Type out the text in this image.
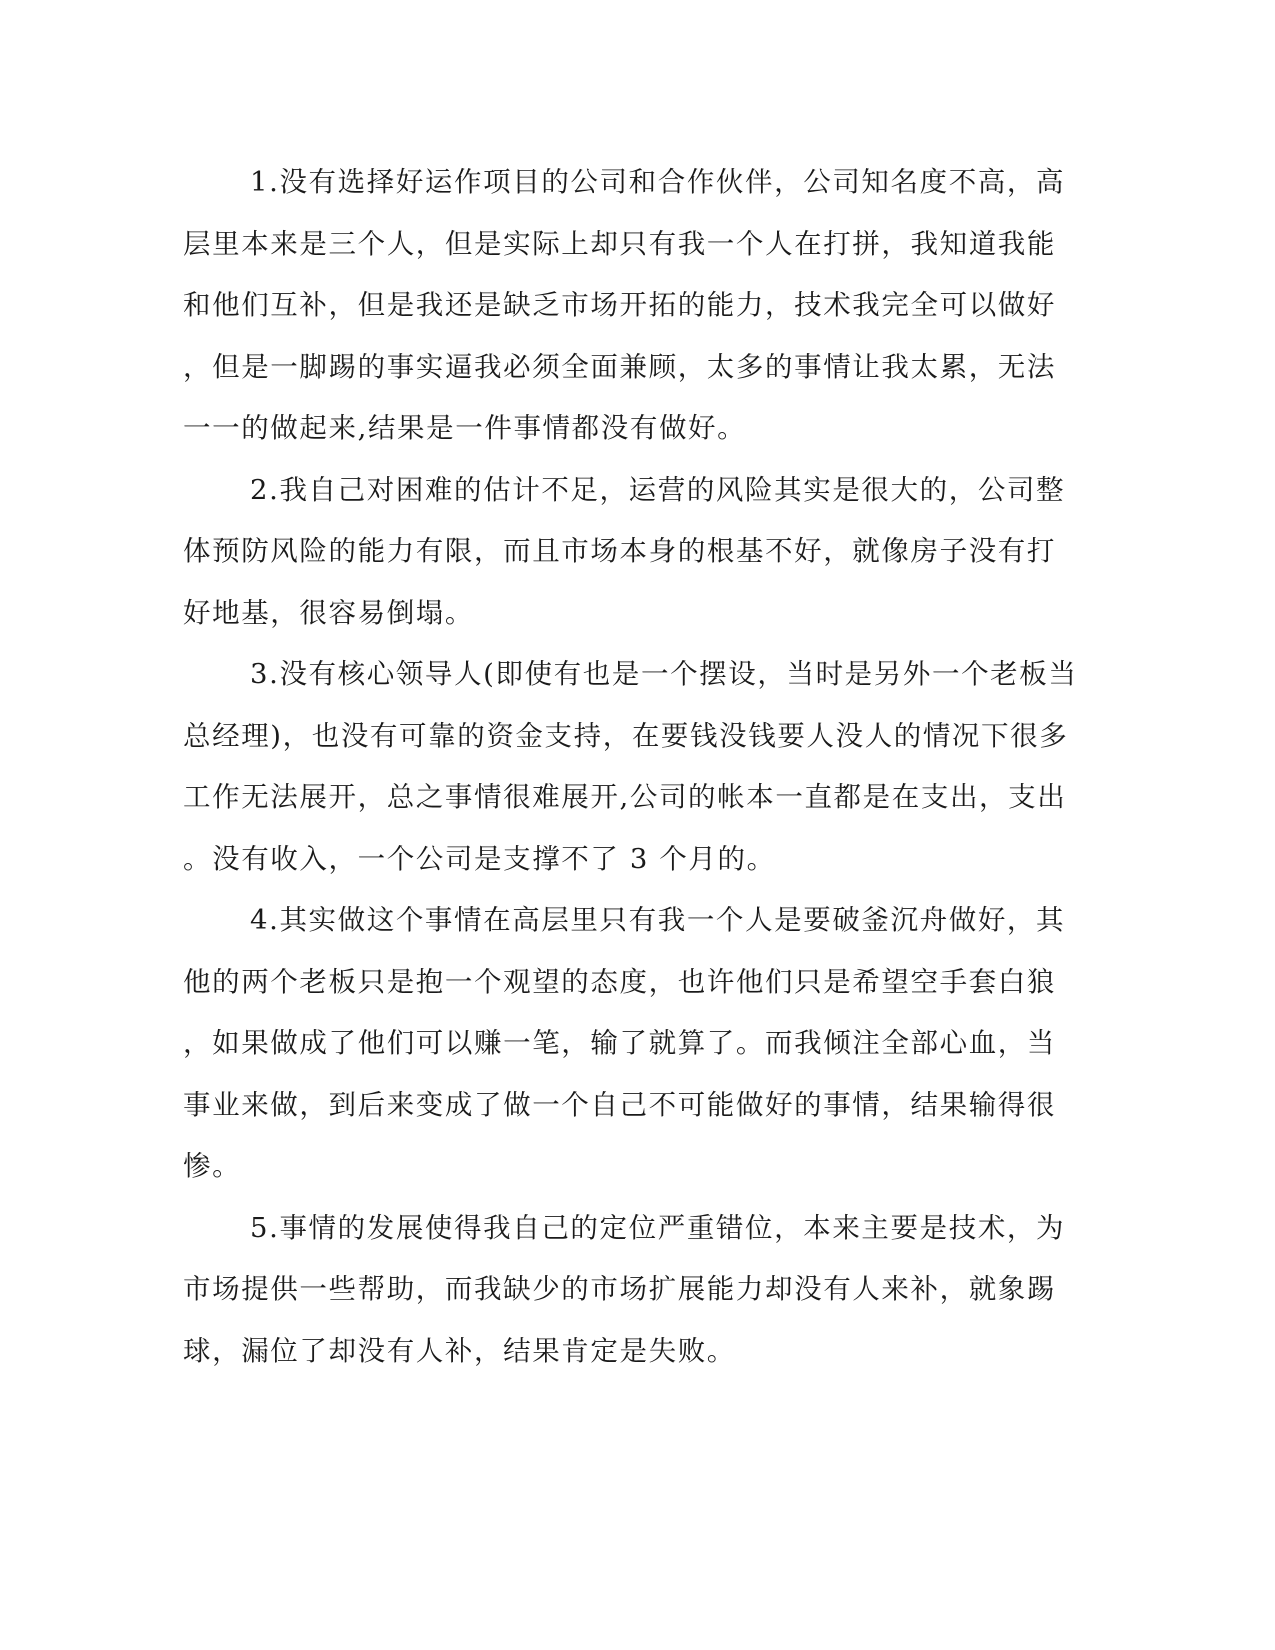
1.没有选择好运作项目的公司和合作伙伴，公司知名度不高，高
层里本来是三个人，但是实际上却只有我一个人在打拼，我知道我能
和他们互补，但是我还是缺乏市场开拓的能力，技术我完全可以做好
，但是一脚踢的事实逼我必须全面兼顾，太多的事情让我太累，无法
一一的做起来,结果是一件事情都没有做好。
2.我自己对困难的估计不足，运营的风险其实是很大的，公司整
体预防风险的能力有限，而且市场本身的根基不好，就像房子没有打
好地基，很容易倒塌。
3.没有核心领导人(即使有也是一个摆设，当时是另外一个老板当
总经理)，也没有可靠的资金支持，在要钱没钱要人没人的情况下很多
工作无法展开，总之事情很难展开,公司的帐本一直都是在支出，支出
。没有收入，一个公司是支撑不了 3 个月的。
4.其实做这个事情在高层里只有我一个人是要破釜沉舟做好，其
他的两个老板只是抱一个观望的态度，也许他们只是希望空手套白狼
，如果做成了他们可以赚一笔，输了就算了。而我倾注全部心血，当
事业来做，到后来变成了做一个自己不可能做好的事情，结果输得很
惨。
5.事情的发展使得我自己的定位严重错位，本来主要是技术，为
市场提供一些帮助，而我缺少的市场扩展能力却没有人来补，就象踢
球，漏位了却没有人补，结果肯定是失败。
